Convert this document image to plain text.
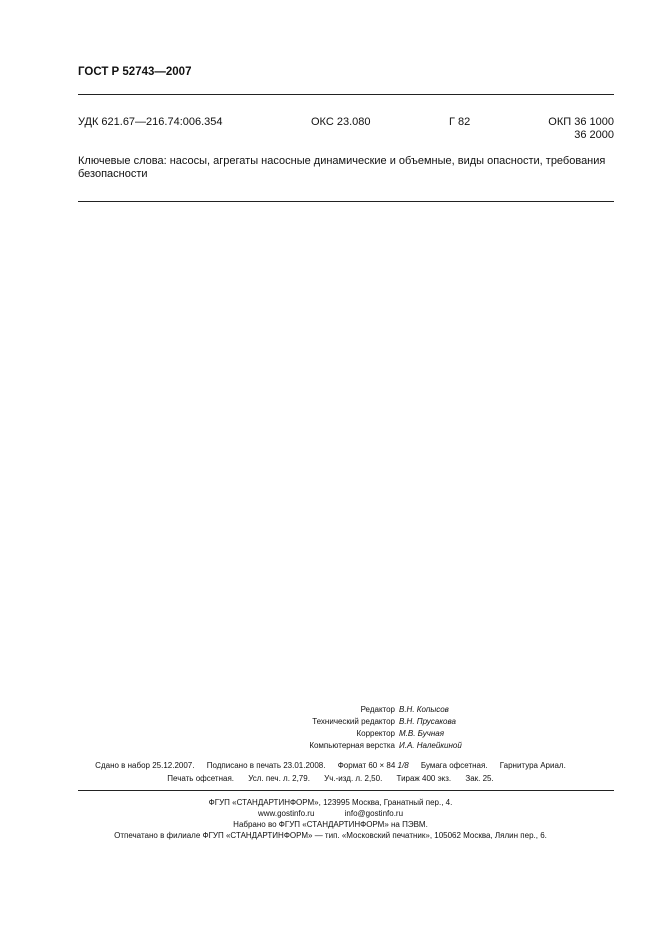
ГОСТ Р 52743—2007
УДК 621.67—216.74:006.354	ОКС 23.080	Г 82	ОКП 36 1000
36 2000
Ключевые слова: насосы, агрегаты насосные динамические и объемные, виды опасности, требования безопасности
Редактор В.Н. Копысов
Технический редактор В.Н. Прусакова
Корректор М.В. Бучная
Компьютерная верстка И.А. Налейкиной
Сдано в набор 25.12.2007. Подписано в печать 23.01.2008. Формат 60 × 84 1/8 Бумага офсетная. Гарнитура Ариал.
Печать офсетная. Усл. печ. л. 2,79. Уч.-изд. л. 2,50. Тираж 400 экз. Зак. 25.
ФГУП «СТАНДАРТИНФОРМ», 123995 Москва, Гранатный пер., 4.
www.gostinfo.ru	info@gostinfo.ru
Набрано во ФГУП «СТАНДАРТИНФОРМ» на ПЭВМ.
Отпечатано в филиале ФГУП «СТАНДАРТИНФОРМ» — тип. «Московский печатник», 105062 Москва, Лялин пер., 6.
